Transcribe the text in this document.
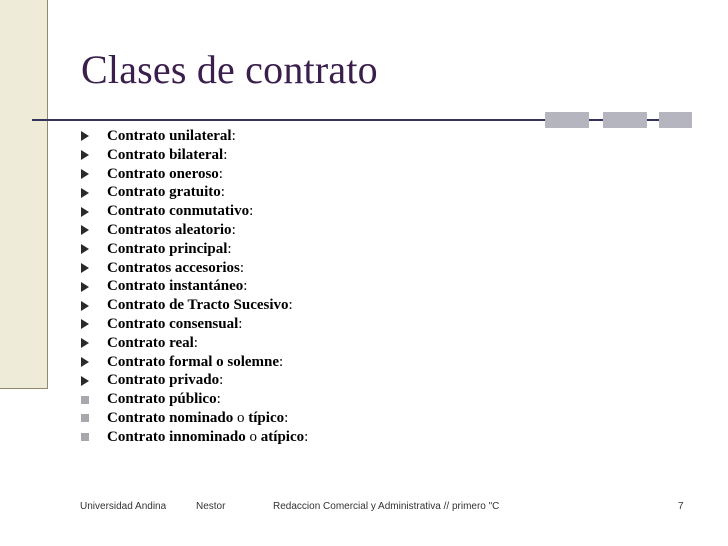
Clases de contrato
Contrato unilateral :
Contrato bilateral :
Contrato oneroso :
Contrato gratuito :
Contrato conmutativo :
Contratos aleatorio :
Contrato principal :
Contratos accesorios :
Contrato instantáneo :
Contrato de Tracto Sucesivo :
Contrato consensual :
Contrato real :
Contrato formal o solemne :
Contrato privado :
Contrato público :
Contrato nominado o típico :
Contrato innominado o atípico :
Universidad Andina	Nestor	Redaccion Comercial y Administrativa // primero "C	7
